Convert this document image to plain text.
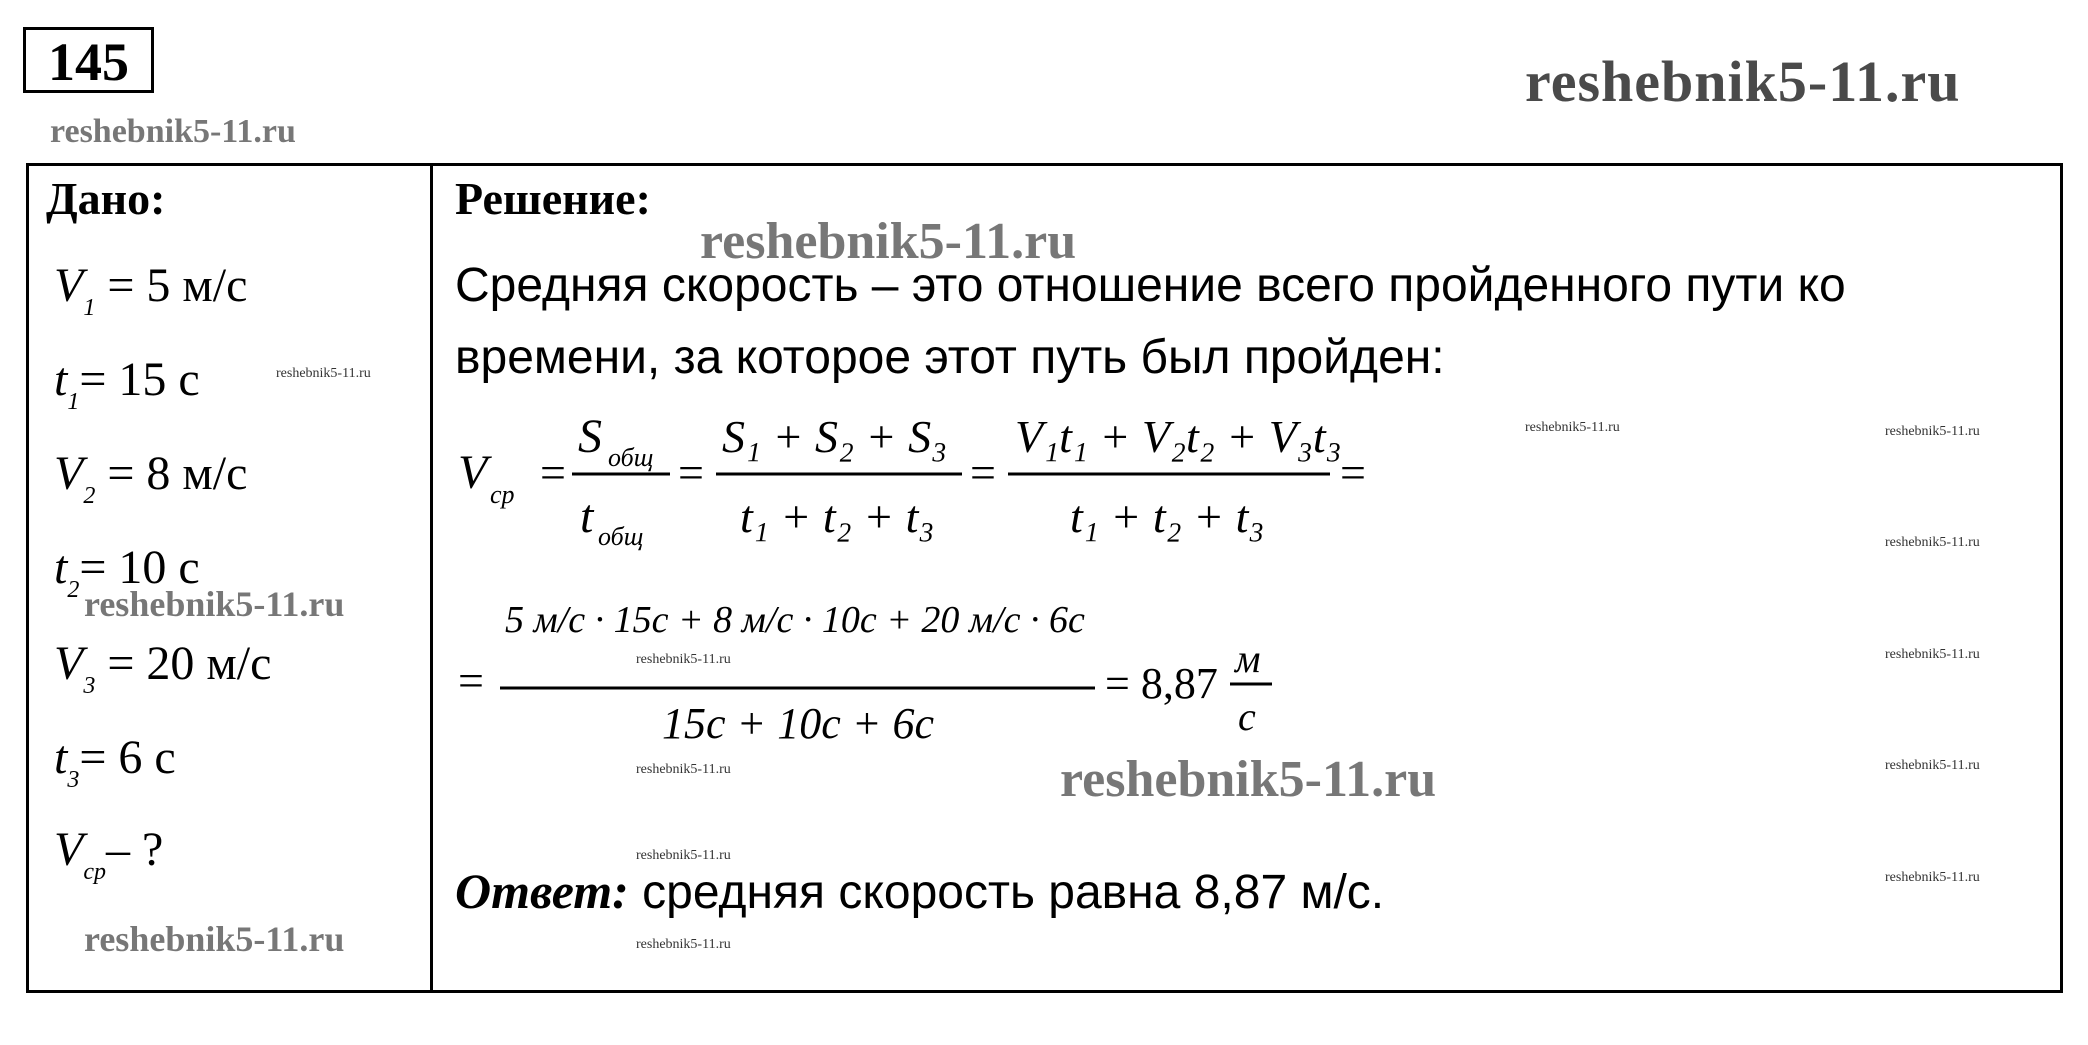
145	reshebnik5-11.ru
reshebnik5-11.ru
reshebnik5-11.ru
reshebnik5-11.ru
reshebnik5-11.ru
reshebnik5-11.ru
reshebnik5-11.ru
reshebnik5-11.ru	reshebnik5-11.ru
reshebnik5-11.ru
reshebnik5-11.ru
reshebnik5-11.ru
reshebnik5-11.ru
reshebnik5-11.ru
reshebnik5-11.ru
reshebnik5-11.ru
reshebnik5-11.ru
Дано:
$V_1 = 5$ м/с
$t_1= 15$ с
$V_2 = 8$ м/с
$t_2= 10$ с
$V_3 = 20$ м/с
$t_3= 6$ с
$V_{ср}-$ ?
Решение:
Средняя скорость – это отношение всего пройденного пути ко времени, за которое этот путь был пройден:
V ср =
S общ
t общ
=
S₁ + S₂ + S₃
t₁ + t₂ + t₃
=
V₁t₁ + V₂t₂ + V₃t₃
t₁ + t₂ + t₃
=
=
5 м/с · 15с + 8 м/с · 10с + 20 м/с · 6с
15с + 10с + 6с
= 8,87
м
с
Ответ: средняя скорость равна 8,87 м/с.
